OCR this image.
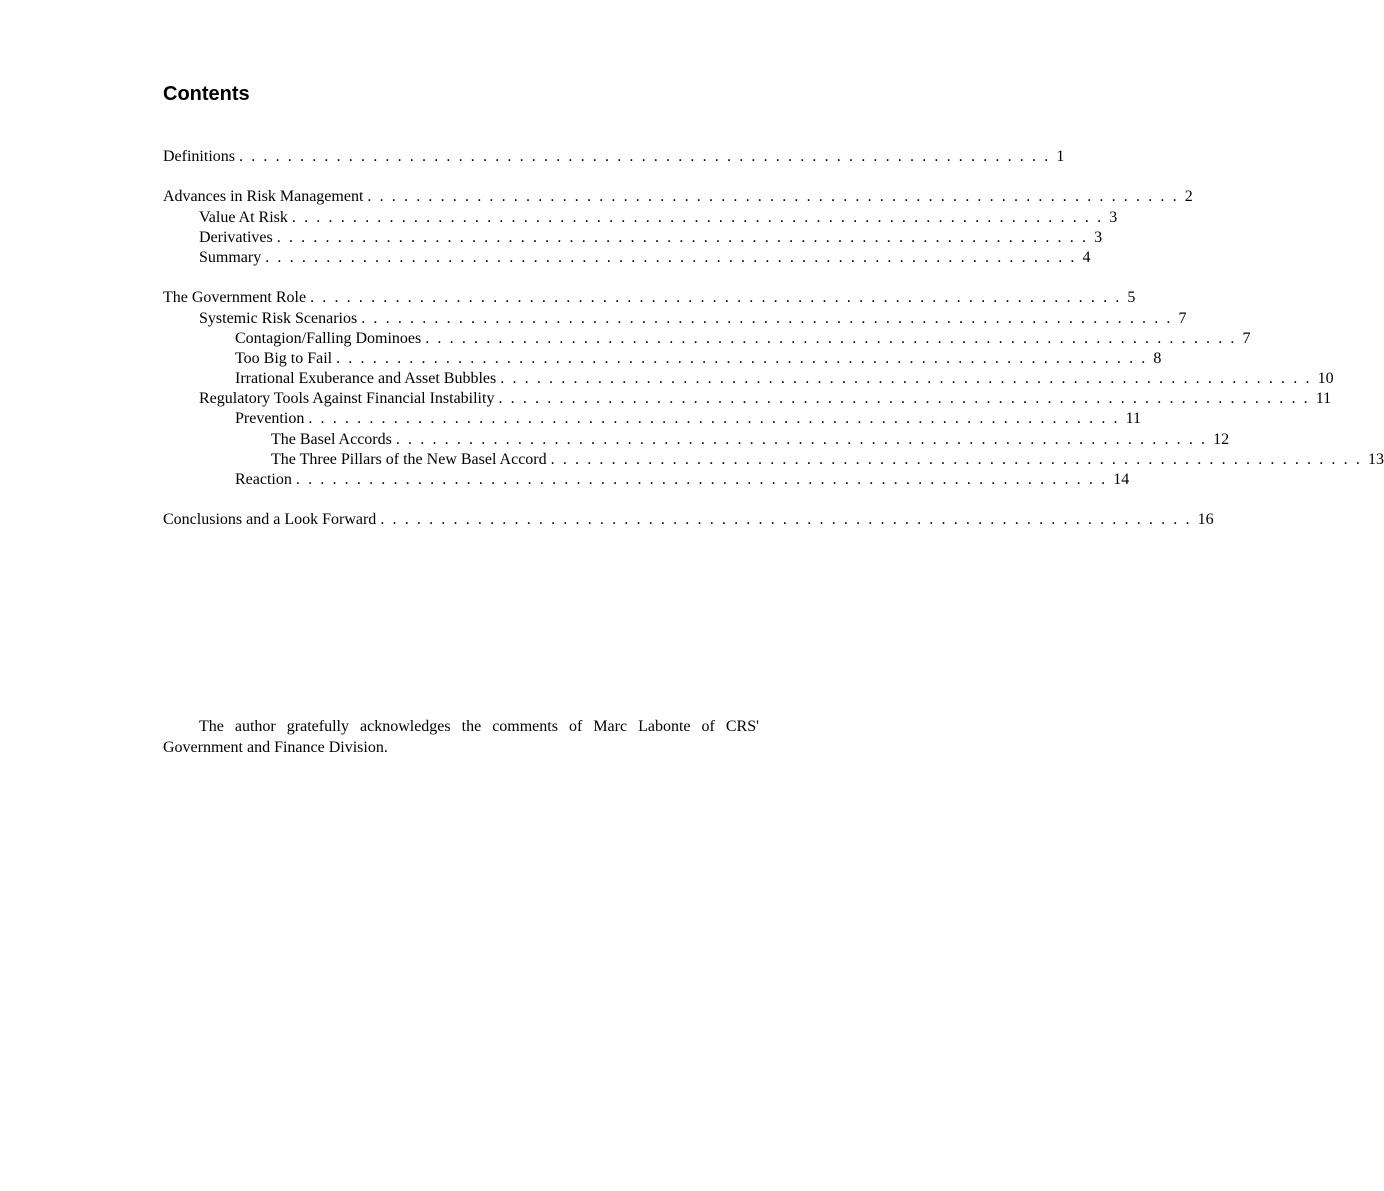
Contents
Definitions . . . . . . . . . . . . . . . . . . . . . . . . . . . . . . . . . . . . . . . . . . . . . . . . . . . . . . . . . . . . . . . . . . . 1
Advances in Risk Management . . . . . . . . . . . . . . . . . . . . . . . . . . . . . . . . . . . . . . . . . . . . . . . . . . . . . . . . . . . . . . . . . . . 2
Value At Risk . . . . . . . . . . . . . . . . . . . . . . . . . . . . . . . . . . . . . . . . . . . . . . . . . . . . . . . . . . . . . . . . . . . 3
Derivatives . . . . . . . . . . . . . . . . . . . . . . . . . . . . . . . . . . . . . . . . . . . . . . . . . . . . . . . . . . . . . . . . . . . 3
Summary . . . . . . . . . . . . . . . . . . . . . . . . . . . . . . . . . . . . . . . . . . . . . . . . . . . . . . . . . . . . . . . . . . . 4
The Government Role . . . . . . . . . . . . . . . . . . . . . . . . . . . . . . . . . . . . . . . . . . . . . . . . . . . . . . . . . . . . . . . . . . . 5
Systemic Risk Scenarios . . . . . . . . . . . . . . . . . . . . . . . . . . . . . . . . . . . . . . . . . . . . . . . . . . . . . . . . . . . . . . . . . . . 7
Contagion/Falling Dominoes . . . . . . . . . . . . . . . . . . . . . . . . . . . . . . . . . . . . . . . . . . . . . . . . . . . . . . . . . . . . . . . . . . . 7
Too Big to Fail . . . . . . . . . . . . . . . . . . . . . . . . . . . . . . . . . . . . . . . . . . . . . . . . . . . . . . . . . . . . . . . . . . . 8
Irrational Exuberance and Asset Bubbles . . . . . . . . . . . . . . . . . . . . . . . . . . . . . . . . . . . . . . . . . . . . . . . . . . . . . . . . . . . . . . . . . . . 10
Regulatory Tools Against Financial Instability . . . . . . . . . . . . . . . . . . . . . . . . . . . . . . . . . . . . . . . . . . . . . . . . . . . . . . . . . . . . . . . . . . . 11
Prevention . . . . . . . . . . . . . . . . . . . . . . . . . . . . . . . . . . . . . . . . . . . . . . . . . . . . . . . . . . . . . . . . . . . 11
The Basel Accords . . . . . . . . . . . . . . . . . . . . . . . . . . . . . . . . . . . . . . . . . . . . . . . . . . . . . . . . . . . . . . . . . . . 12
The Three Pillars of the New Basel Accord . . . . . . . . . . . . . . . . . . . . . . . . . . . . . . . . . . . . . . . . . . . . . . . . . . . . . . . . . . . . . . . . . . . 13
Reaction . . . . . . . . . . . . . . . . . . . . . . . . . . . . . . . . . . . . . . . . . . . . . . . . . . . . . . . . . . . . . . . . . . . 14
Conclusions and a Look Forward . . . . . . . . . . . . . . . . . . . . . . . . . . . . . . . . . . . . . . . . . . . . . . . . . . . . . . . . . . . . . . . . . . . 16
The author gratefully acknowledges the comments of Marc Labonte of CRS'
Government and Finance Division.
